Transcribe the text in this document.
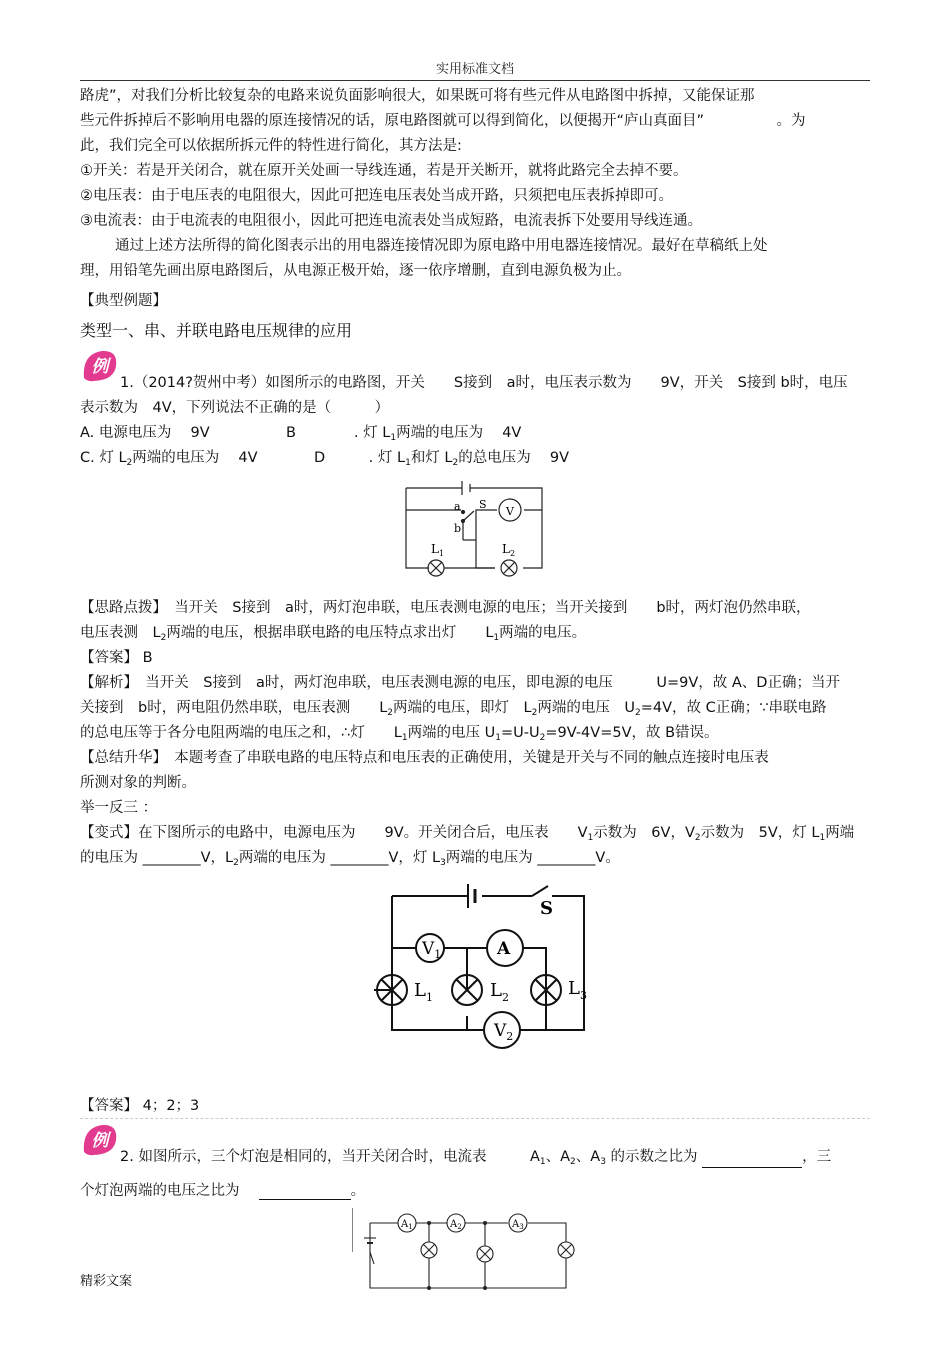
实用标准文档
路虎”，对我们分析比较复杂的电路来说负面影响很大，如果既可将有些元件从电路图中拆掉，又能保证那
些元件拆掉后不影响用电器的原连接情况的话，原电路图就可以得到简化，以便揭开“庐山真面目”　　　　　。为
此，我们完全可以依据所拆元件的特性进行简化，其方法是:
①开关：若是开关闭合，就在原开关处画一导线连通，若是开关断开，就将此路完全去掉不要。
②电压表：由于电压表的电阻很大，因此可把连电压表处当成开路，只须把电压表拆掉即可。
③电流表：由于电流表的电阻很小，因此可把连电流表处当成短路，电流表拆下处要用导线连通。
通过上述方法所得的简化图表示出的用电器连接情况即为原电路中用电器连接情况。最好在草稿纸上处
理，用铅笔先画出原电路图后，从电源正极开始，逐一依序增删，直到电源负极为止。
【典型例题】
类型一、串、并联电路电压规律的应用
例
1.（2014?贺州中考）如图所示的电路图，开关　　S接到　a时，电压表示数为　　9V，开关　S接到 b时，电压
表示数为　4V，下列说法不正确的是（　　　）
A. 电源电压为　 9V	B　　　　. 灯 $L_1$两端的电压为　 4V
C. 灯 $L_2$两端的电压为　 4V	D　　　. 灯 $L_1$和灯 $L_2$的总电压为　 9V
a
b
S
V
$L_1$	$L_2$
【思路点拨】　当开关　S接到　a时，两灯泡串联，电压表测电源的电压；当开关接到　　 b时，两灯泡仍然串联，
电压表测　$L_2$两端的电压，根据串联电路的电压特点求出灯　　 $L_1$两端的电压。
【答案】 B
【解析】　当开关　S接到　a时，两灯泡串联，电压表测电源的电压，即电源的电压　　　	U=9V，故 A、D正确；当开
关接到　b时，两电阻仍然串联，电压表测　　 $L_2$两端的电压，即灯　 $L_2$两端的电压　$U_2=4V$，故 C正确；∵串联电路
的总电压等于各分电阻两端的电压之和，∴灯　　 $L_1$两端的电压 $U_1=U-U_2=9V-4V=5V$，故 B错误。
【总结升华】　本题考查了串联电路的电压特点和电压表的正确使用，关键是开关与不同的触点连接时电压表
所测对象的判断。
举一反三 ：
【变式】在下图所示的电路中，电源电压为　　9V。开关闭合后，电压表　　$V_1$示数为　6V，$V_2$示数为　5V，灯 $L_1$两端
的电压为 ________V，$L_2$两端的电压为 ________V，灯 $L_3$两端的电压为 ________V。
S
$V_1$	A
$V_2$
$L_1$	$L_2$	$L_3$
【答案】 4；2；3
例
2. 如图所示，三个灯泡是相同的，当开关闭合时，电流表　　　	$A_1$、$A_2$、$A_3$ 的示数之比为	，三
个灯泡两端的电压之比为　	。
$A_1$	$A_2$	$A_3$
精彩文案
